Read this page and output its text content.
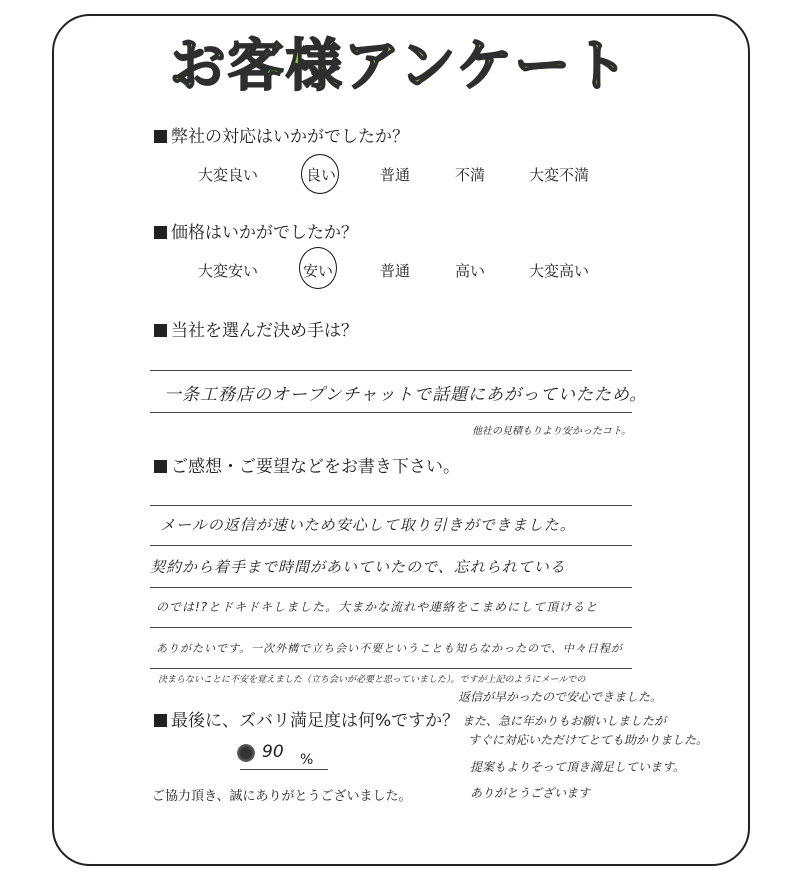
お客様アンケート
弊社の対応はいかがでしたか？
大変良い	良い	普通	不満	大変不満
価格はいかがでしたか？
大変安い	安い	普通	高い	大変高い
当社を選んだ決め手は？
一条工務店のオープンチャットで話題にあがっていたため。
他社の見積もりより安かったコト。
ご感想・ご要望などをお書き下さい。
メールの返信が速いため安心して取り引きができました。
契約から着手まで時間があいていたので、忘れられている
のでは!?とドキドキしました。大まかな流れや連絡をこまめにして頂けると
ありがたいです。一次外構で立ち会い不要ということも知らなかったので、中々日程が
決まらないことに不安を覚えました（立ち会いが必要と思っていました）。ですが上記のようにメールでの
返信が早かったので安心できました。
また、急に年かりもお願いしましたが
すぐに対応いただけてとても助かりました。
提案もよりそって頂き満足しています。
ありがとうございます
最後に、ズバリ満足度は何%ですか？
90 %
ご協力頂き、誠にありがとうございました。
